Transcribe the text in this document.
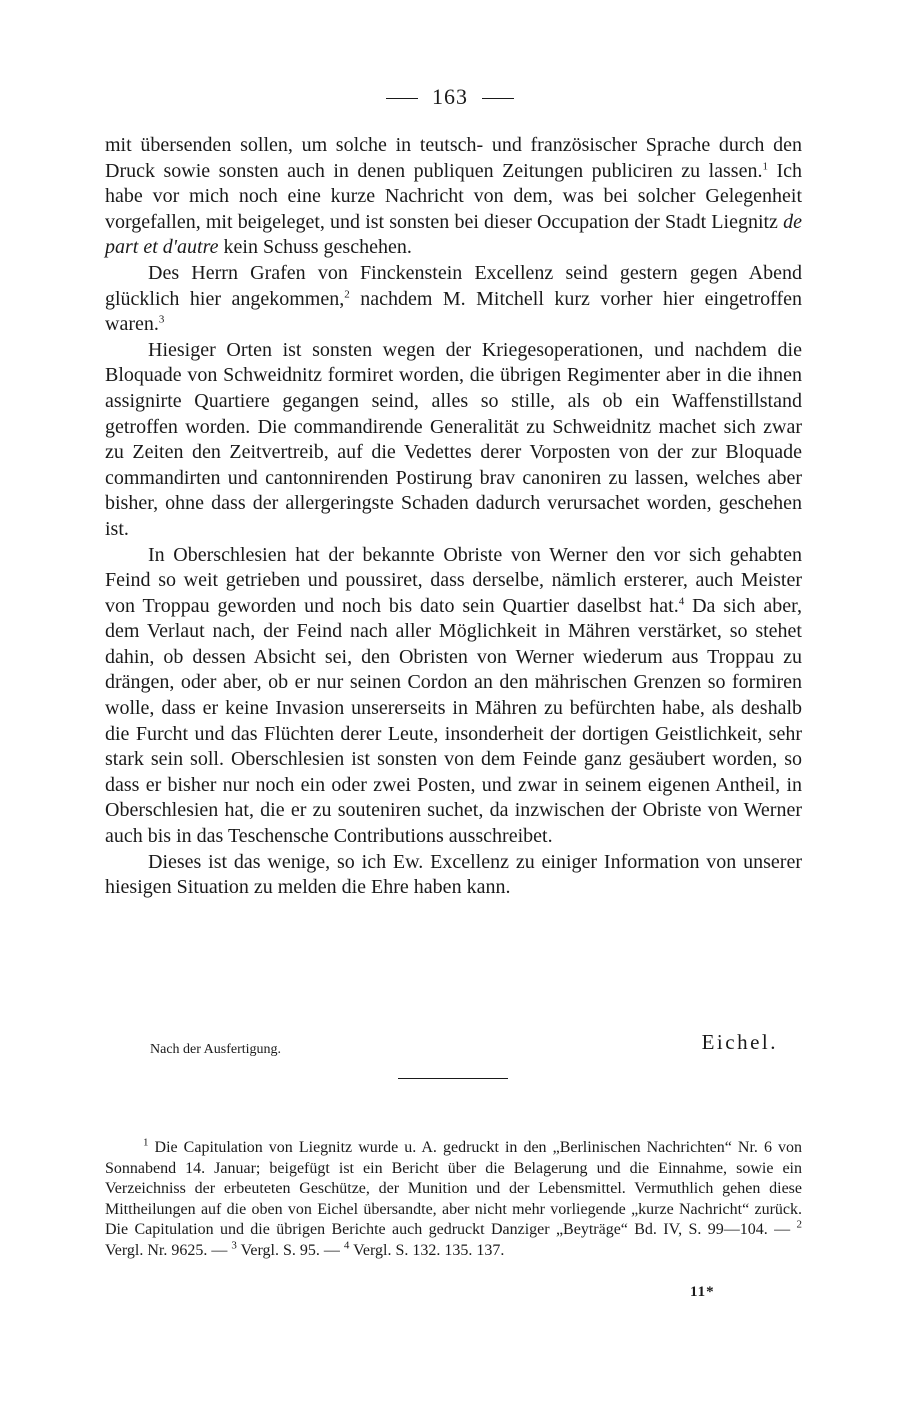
163

mit übersenden sollen, um solche in teutsch- und französischer Sprache durch den Druck sowie sonsten auch in denen publiquen Zeitungen publiciren zu lassen.$^1$ Ich habe vor mich noch eine kurze Nachricht von dem, was bei solcher Gelegenheit vorgefallen, mit beigeleget, und ist sonsten bei dieser Occupation der Stadt Liegnitz de part et d'autre kein Schuss geschehen.

Des Herrn Grafen von Finckenstein Excellenz seind gestern gegen Abend glücklich hier angekommen,$^2$ nachdem M. Mitchell kurz vorher hier eingetroffen waren.$^3$

Hiesiger Orten ist sonsten wegen der Kriegesoperationen, und nachdem die Bloquade von Schweidnitz formiret worden, die übrigen Regimenter aber in die ihnen assignirte Quartiere gegangen seind, alles so stille, als ob ein Waffenstillstand getroffen worden. Die commandirende Generalität zu Schweidnitz machet sich zwar zu Zeiten den Zeitvertreib, auf die Vedettes derer Vorposten von der zur Bloquade commandirten und cantonnirenden Postirung brav canoniren zu lassen, welches aber bisher, ohne dass der allergeringste Schaden dadurch verursachet worden, geschehen ist.

In Oberschlesien hat der bekannte Obriste von Werner den vor sich gehabten Feind so weit getrieben und poussiret, dass derselbe, nämlich ersterer, auch Meister von Troppau geworden und noch bis dato sein Quartier daselbst hat.$^4$ Da sich aber, dem Verlaut nach, der Feind nach aller Möglichkeit in Mähren verstärket, so stehet dahin, ob dessen Absicht sei, den Obristen von Werner wiederum aus Troppau zu drängen, oder aber, ob er nur seinen Cordon an den mährischen Grenzen so formiren wolle, dass er keine Invasion unsererseits in Mähren zu befürchten habe, als deshalb die Furcht und das Flüchten derer Leute, insonderheit der dortigen Geistlichkeit, sehr stark sein soll. Oberschlesien ist sonsten von dem Feinde ganz gesäubert worden, so dass er bisher nur noch ein oder zwei Posten, und zwar in seinem eigenen Antheil, in Oberschlesien hat, die er zu souteniren suchet, da inzwischen der Obriste von Werner auch bis in das Teschensche Contributions ausschreibet.

Dieses ist das wenige, so ich Ew. Excellenz zu einiger Information von unserer hiesigen Situation zu melden die Ehre haben kann.

Nach der Ausfertigung.	Eichel.

$^1$ Die Capitulation von Liegnitz wurde u. A. gedruckt in den „Berlinischen Nachrichten“ Nr. 6 von Sonnabend 14. Januar; beigefügt ist ein Bericht über die Belagerung und die Einnahme, sowie ein Verzeichniss der erbeuteten Geschütze, der Munition und der Lebensmittel. Vermuthlich gehen diese Mittheilungen auf die oben von Eichel übersandte, aber nicht mehr vorliegende „kurze Nachricht“ zurück. Die Capitulation und die übrigen Berichte auch gedruckt Danziger „Beyträge“ Bd. IV, S. 99—104. — $^2$ Vergl. Nr. 9625. — $^3$ Vergl. S. 95. — $^4$ Vergl. S. 132. 135. 137.

11*
